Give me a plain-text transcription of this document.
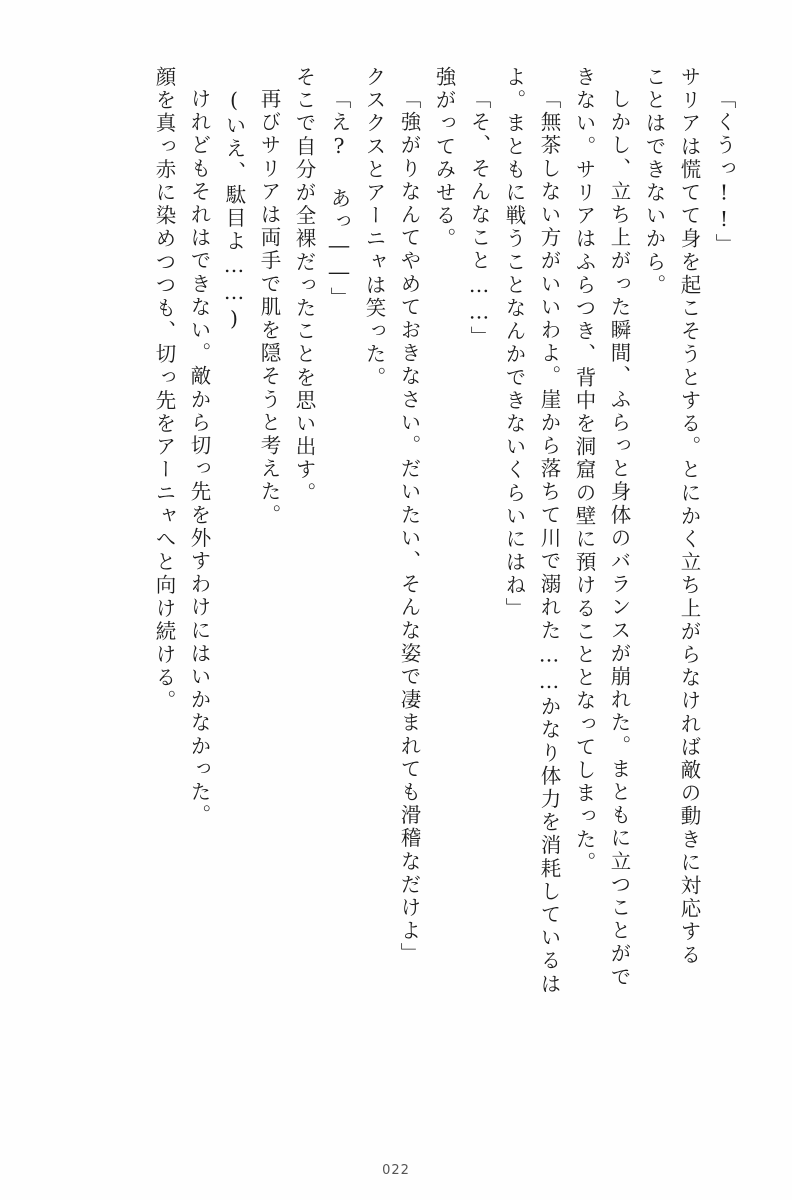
「くうっ!!」
サリアは慌てて身を起こそうとする。とにかく立ち上がらなければ敵の動きに対応する
ことはできないから。
しかし、立ち上がった瞬間、ふらっと身体のバランスが崩れた。まともに立つことがで
きない。サリアはふらつき、背中を洞窟の壁に預けることとなってしまった。
「無茶しない方がいいわよ。崖から落ちて川で溺れた……かなり体力を消耗しているは
よ。まともに戦うことなんかできないくらいにはね」
「そ、そんなこと……」
強がってみせる。
「強がりなんてやめておきなさい。だいたい、そんな姿で凄まれても滑稽なだけよ」
クスクスとアーニャは笑った。
「え? あっ――」
そこで自分が全裸だったことを思い出す。
再びサリアは両手で肌を隠そうと考えた。
(いえ、駄目よ……)
けれどもそれはできない。敵から切っ先を外すわけにはいかなかった。
顔を真っ赤に染めつつも、切っ先をアーニャへと向け続ける。
022
